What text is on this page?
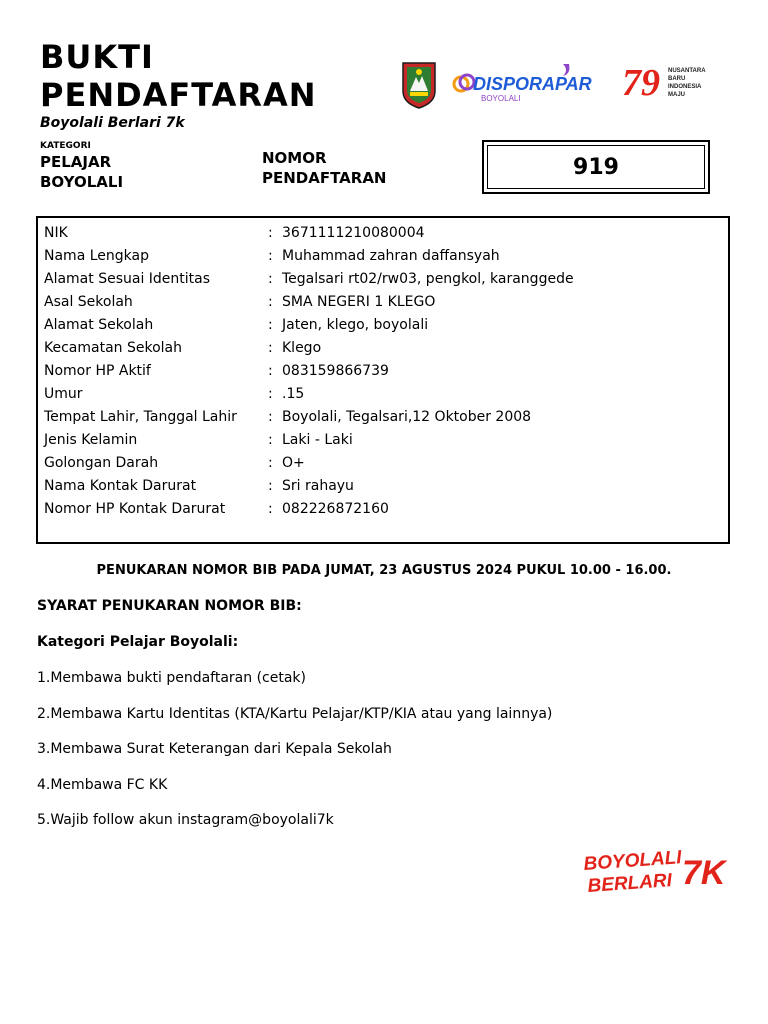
BUKTI
PENDAFTARAN
Boyolali Berlari 7k
KATEGORI
PELAJAR
BOYOLALI
NOMOR
PENDAFTARAN	919
DISPORAPAR
BOYOLALI	79 NUSANTARA
BARU
INDONESIA
MAJU
NIK	: 3671111210080004
Nama Lengkap	: Muhammad zahran daffansyah
Alamat Sesuai Identitas	: Tegalsari rt02/rw03, pengkol, karanggede
Asal Sekolah	: SMA NEGERI 1 KLEGO
Alamat Sekolah	: Jaten, klego, boyolali
Kecamatan Sekolah	: Klego
Nomor HP Aktif	: 083159866739
Umur	: .15
Tempat Lahir, Tanggal Lahir : Boyolali, Tegalsari,12 Oktober 2008
Jenis Kelamin	: Laki - Laki
Golongan Darah	: O+
Nama Kontak Darurat	: Sri rahayu
Nomor HP Kontak Darurat	: 082226872160
PENUKARAN NOMOR BIB PADA JUMAT, 23 AGUSTUS 2024 PUKUL 10.00 - 16.00.
SYARAT PENUKARAN NOMOR BIB:
Kategori Pelajar Boyolali:
1.Membawa bukti pendaftaran (cetak)
2.Membawa Kartu Identitas (KTA/Kartu Pelajar/KTP/KIA atau yang lainnya)
3.Membawa Surat Keterangan dari Kepala Sekolah
4.Membawa FC KK
5.Wajib follow akun instagram@boyolali7k
BOYOLALI
BERLARI 7K
